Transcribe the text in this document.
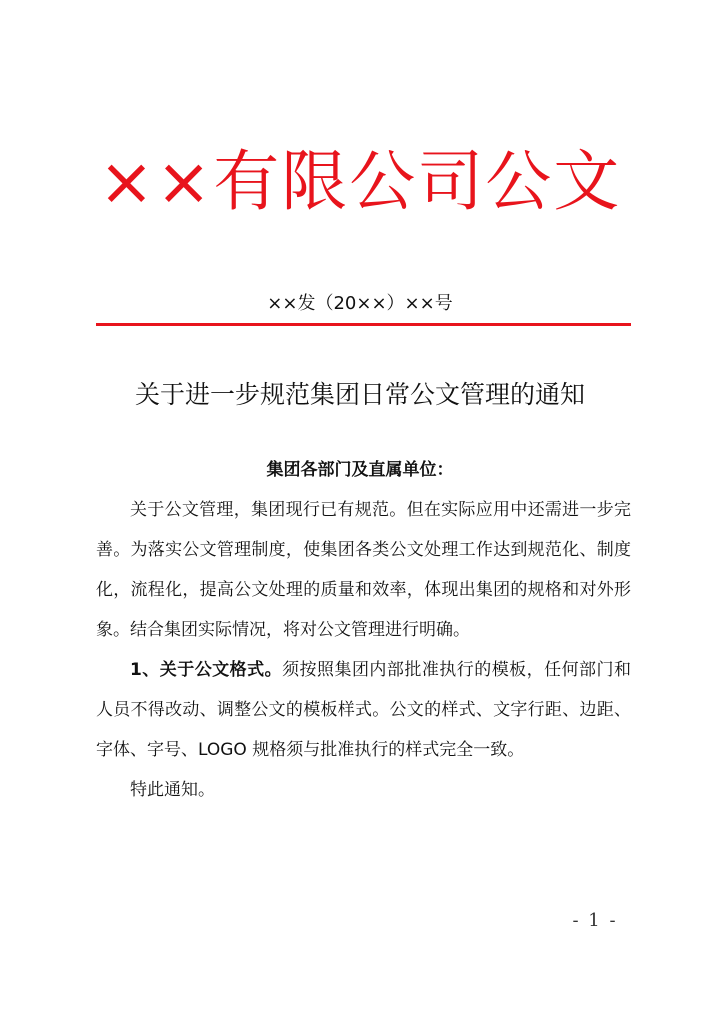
××有限公司公文
××发（20××）××号
关于进一步规范集团日常公文管理的通知
集团各部门及直属单位：

关于公文管理，集团现行已有规范。但在实际应用中还需进一步完善。为落实公文管理制度，使集团各类公文处理工作达到规范化、制度化，流程化，提高公文处理的质量和效率，体现出集团的规格和对外形象。结合集团实际情况，将对公文管理进行明确。

1、关于公文格式。须按照集团内部批准执行的模板，任何部门和人员不得改动、调整公文的模板样式。公文的样式、文字行距、边距、字体、字号、LOGO 规格须与批准执行的样式完全一致。

特此通知。

- 1 -
